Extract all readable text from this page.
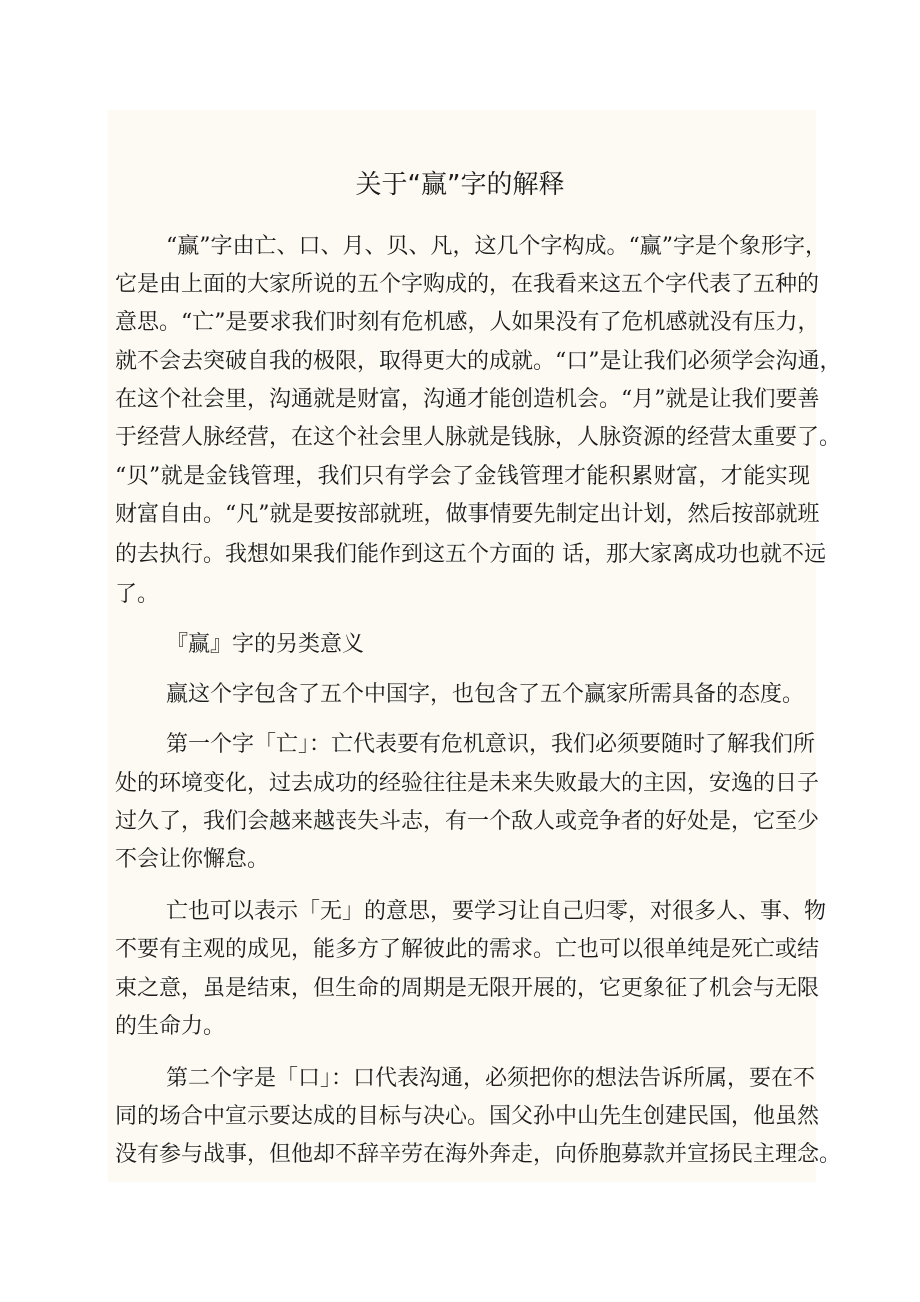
关于“赢”字的解释
“赢”字由亡、口、月、贝、凡，这几个字构成。“赢”字是个象形字，
它是由上面的大家所说的五个字购成的，在我看来这五个字代表了五种的
意思。“亡”是要求我们时刻有危机感，人如果没有了危机感就没有压力，
就不会去突破自我的极限，取得更大的成就。“口”是让我们必须学会沟通，
在这个社会里，沟通就是财富，沟通才能创造机会。“月”就是让我们要善
于经营人脉经营，在这个社会里人脉就是钱脉，人脉资源的经营太重要了。
“贝”就是金钱管理，我们只有学会了金钱管理才能积累财富，才能实现
财富自由。“凡”就是要按部就班，做事情要先制定出计划，然后按部就班
的去执行。我想如果我们能作到这五个方面的 话，那大家离成功也就不远
了。
『赢』字的另类意义
赢这个字包含了五个中国字，也包含了五个赢家所需具备的态度。
第一个字「亡」：亡代表要有危机意识，我们必须要随时了解我们所
处的环境变化，过去成功的经验往往是未来失败最大的主因，安逸的日子
过久了，我们会越来越丧失斗志，有一个敌人或竞争者的好处是，它至少
不会让你懈怠。
亡也可以表示「无」的意思，要学习让自己归零，对很多人、事、物
不要有主观的成见，能多方了解彼此的需求。亡也可以很单纯是死亡或结
束之意，虽是结束，但生命的周期是无限开展的，它更象征了机会与无限
的生命力。
第二个字是「口」：口代表沟通，必须把你的想法告诉所属，要在不
同的场合中宣示要达成的目标与决心。国父孙中山先生创建民国，他虽然
没有参与战事，但他却不辞辛劳在海外奔走，向侨胞募款并宣扬民主理念。
